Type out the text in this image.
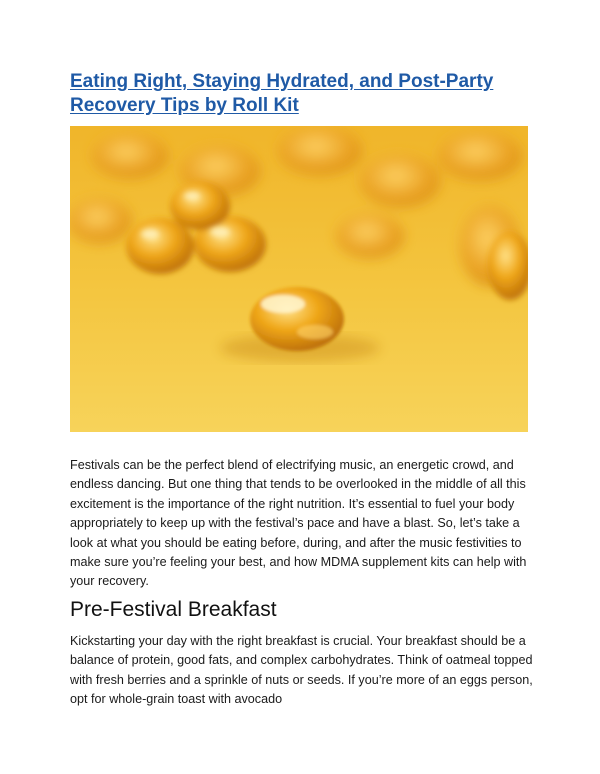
Eating Right, Staying Hydrated, and Post-Party Recovery Tips by Roll Kit

Festivals can be the perfect blend of electrifying music, an energetic crowd, and endless dancing. But one thing that tends to be overlooked in the middle of all this excitement is the importance of the right nutrition. It’s essential to fuel your body appropriately to keep up with the festival’s pace and have a blast. So, let’s take a look at what you should be eating before, during, and after the music festivities to make sure you’re feeling your best, and how MDMA supplement kits can help with your recovery.

Pre-Festival Breakfast

Kickstarting your day with the right breakfast is crucial. Your breakfast should be a balance of protein, good fats, and complex carbohydrates. Think of oatmeal topped with fresh berries and a sprinkle of nuts or seeds. If you’re more of an eggs person, opt for whole-grain toast with avocado
